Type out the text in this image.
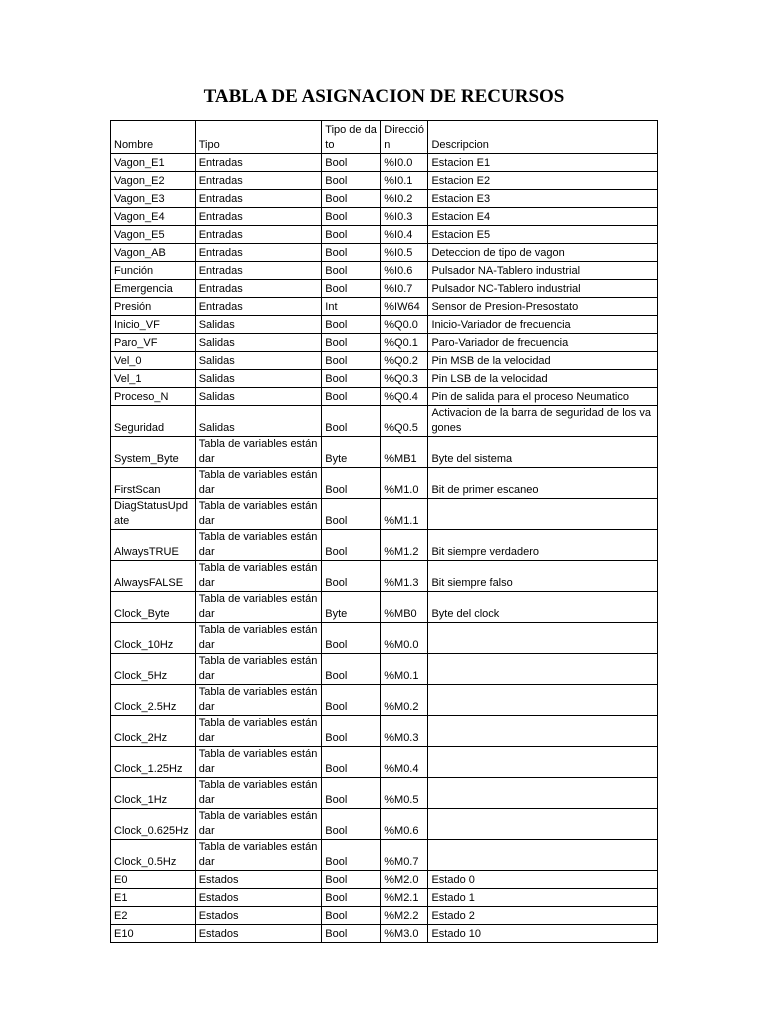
TABLA DE ASIGNACION DE RECURSOS
Nombre	Tipo	Tipo de dato	Dirección	Descripcion
Vagon_E1	Entradas	Bool	%I0.0	Estacion E1
Vagon_E2	Entradas	Bool	%I0.1	Estacion E2
Vagon_E3	Entradas	Bool	%I0.2	Estacion E3
Vagon_E4	Entradas	Bool	%I0.3	Estacion E4
Vagon_E5	Entradas	Bool	%I0.4	Estacion E5
Vagon_AB	Entradas	Bool	%I0.5	Deteccion de tipo de vagon
Función	Entradas	Bool	%I0.6	Pulsador NA-Tablero industrial
Emergencia	Entradas	Bool	%I0.7	Pulsador NC-Tablero industrial
Presión	Entradas	Int	%IW64	Sensor de Presion-Presostato
Inicio_VF	Salidas	Bool	%Q0.0	Inicio-Variador de frecuencia
Paro_VF	Salidas	Bool	%Q0.1	Paro-Variador de frecuencia
Vel_0	Salidas	Bool	%Q0.2	Pin MSB de la velocidad
Vel_1	Salidas	Bool	%Q0.3	Pin LSB de la velocidad
Proceso_N	Salidas	Bool	%Q0.4	Pin de salida para el proceso Neumatico
Seguridad	Salidas	Bool	%Q0.5	Activacion de la barra de seguridad de los vagones
System_Byte	Tabla de variables estándar	Byte	%MB1	Byte del sistema
FirstScan	Tabla de variables estándar	Bool	%M1.0	Bit de primer escaneo
DiagStatusUpdate	Tabla de variables estándar	Bool	%M1.1	
AlwaysTRUE	Tabla de variables estándar	Bool	%M1.2	Bit siempre verdadero
AlwaysFALSE	Tabla de variables estándar	Bool	%M1.3	Bit siempre falso
Clock_Byte	Tabla de variables estándar	Byte	%MB0	Byte del clock
Clock_10Hz	Tabla de variables estándar	Bool	%M0.0	
Clock_5Hz	Tabla de variables estándar	Bool	%M0.1	
Clock_2.5Hz	Tabla de variables estándar	Bool	%M0.2	
Clock_2Hz	Tabla de variables estándar	Bool	%M0.3	
Clock_1.25Hz	Tabla de variables estándar	Bool	%M0.4	
Clock_1Hz	Tabla de variables estándar	Bool	%M0.5	
Clock_0.625Hz	Tabla de variables estándar	Bool	%M0.6	
Clock_0.5Hz	Tabla de variables estándar	Bool	%M0.7	
E0	Estados	Bool	%M2.0	Estado 0
E1	Estados	Bool	%M2.1	Estado 1
E2	Estados	Bool	%M2.2	Estado 2
E10	Estados	Bool	%M3.0	Estado 10
